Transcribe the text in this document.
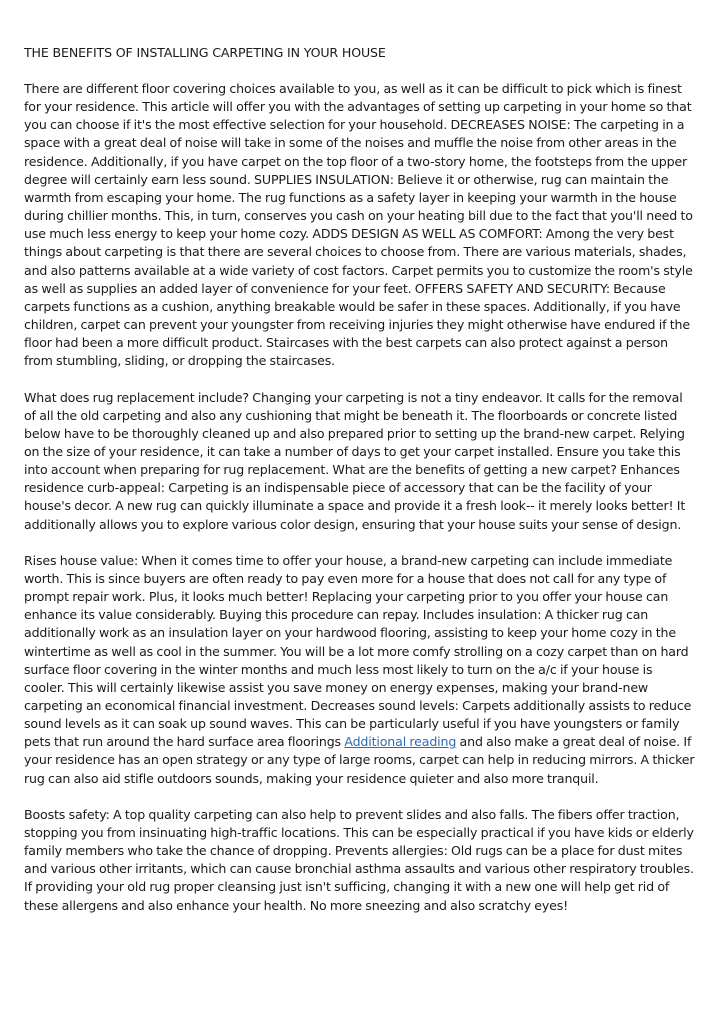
THE BENEFITS OF INSTALLING CARPETING IN YOUR HOUSE

There are different floor covering choices available to you, as well as it can be difficult to pick which is finest for your residence. This article will offer you with the advantages of setting up carpeting in your home so that you can choose if it's the most effective selection for your household. DECREASES NOISE: The carpeting in a space with a great deal of noise will take in some of the noises and muffle the noise from other areas in the residence. Additionally, if you have carpet on the top floor of a two-story home, the footsteps from the upper degree will certainly earn less sound. SUPPLIES INSULATION: Believe it or otherwise, rug can maintain the warmth from escaping your home. The rug functions as a safety layer in keeping your warmth in the house during chillier months. This, in turn, conserves you cash on your heating bill due to the fact that you'll need to use much less energy to keep your home cozy. ADDS DESIGN AS WELL AS COMFORT: Among the very best things about carpeting is that there are several choices to choose from. There are various materials, shades, and also patterns available at a wide variety of cost factors. Carpet permits you to customize the room's style as well as supplies an added layer of convenience for your feet. OFFERS SAFETY AND SECURITY: Because carpets functions as a cushion, anything breakable would be safer in these spaces. Additionally, if you have children, carpet can prevent your youngster from receiving injuries they might otherwise have endured if the floor had been a more difficult product. Staircases with the best carpets can also protect against a person from stumbling, sliding, or dropping the staircases.

What does rug replacement include? Changing your carpeting is not a tiny endeavor. It calls for the removal of all the old carpeting and also any cushioning that might be beneath it. The floorboards or concrete listed below have to be thoroughly cleaned up and also prepared prior to setting up the brand-new carpet. Relying on the size of your residence, it can take a number of days to get your carpet installed. Ensure you take this into account when preparing for rug replacement. What are the benefits of getting a new carpet? Enhances residence curb-appeal: Carpeting is an indispensable piece of accessory that can be the facility of your house's decor. A new rug can quickly illuminate a space and provide it a fresh look-- it merely looks better! It additionally allows you to explore various color design, ensuring that your house suits your sense of design.

Rises house value: When it comes time to offer your house, a brand-new carpeting can include immediate worth. This is since buyers are often ready to pay even more for a house that does not call for any type of prompt repair work. Plus, it looks much better! Replacing your carpeting prior to you offer your house can enhance its value considerably. Buying this procedure can repay. Includes insulation: A thicker rug can additionally work as an insulation layer on your hardwood flooring, assisting to keep your home cozy in the wintertime as well as cool in the summer. You will be a lot more comfy strolling on a cozy carpet than on hard surface floor covering in the winter months and much less most likely to turn on the a/c if your house is cooler. This will certainly likewise assist you save money on energy expenses, making your brand-new carpeting an economical financial investment. Decreases sound levels: Carpets additionally assists to reduce sound levels as it can soak up sound waves. This can be particularly useful if you have youngsters or family pets that run around the hard surface area floorings Additional reading and also make a great deal of noise. If your residence has an open strategy or any type of large rooms, carpet can help in reducing mirrors. A thicker rug can also aid stifle outdoors sounds, making your residence quieter and also more tranquil.

Boosts safety: A top quality carpeting can also help to prevent slides and also falls. The fibers offer traction, stopping you from insinuating high-traffic locations. This can be especially practical if you have kids or elderly family members who take the chance of dropping. Prevents allergies: Old rugs can be a place for dust mites and various other irritants, which can cause bronchial asthma assaults and various other respiratory troubles. If providing your old rug proper cleansing just isn't sufficing, changing it with a new one will help get rid of these allergens and also enhance your health. No more sneezing and also scratchy eyes!
